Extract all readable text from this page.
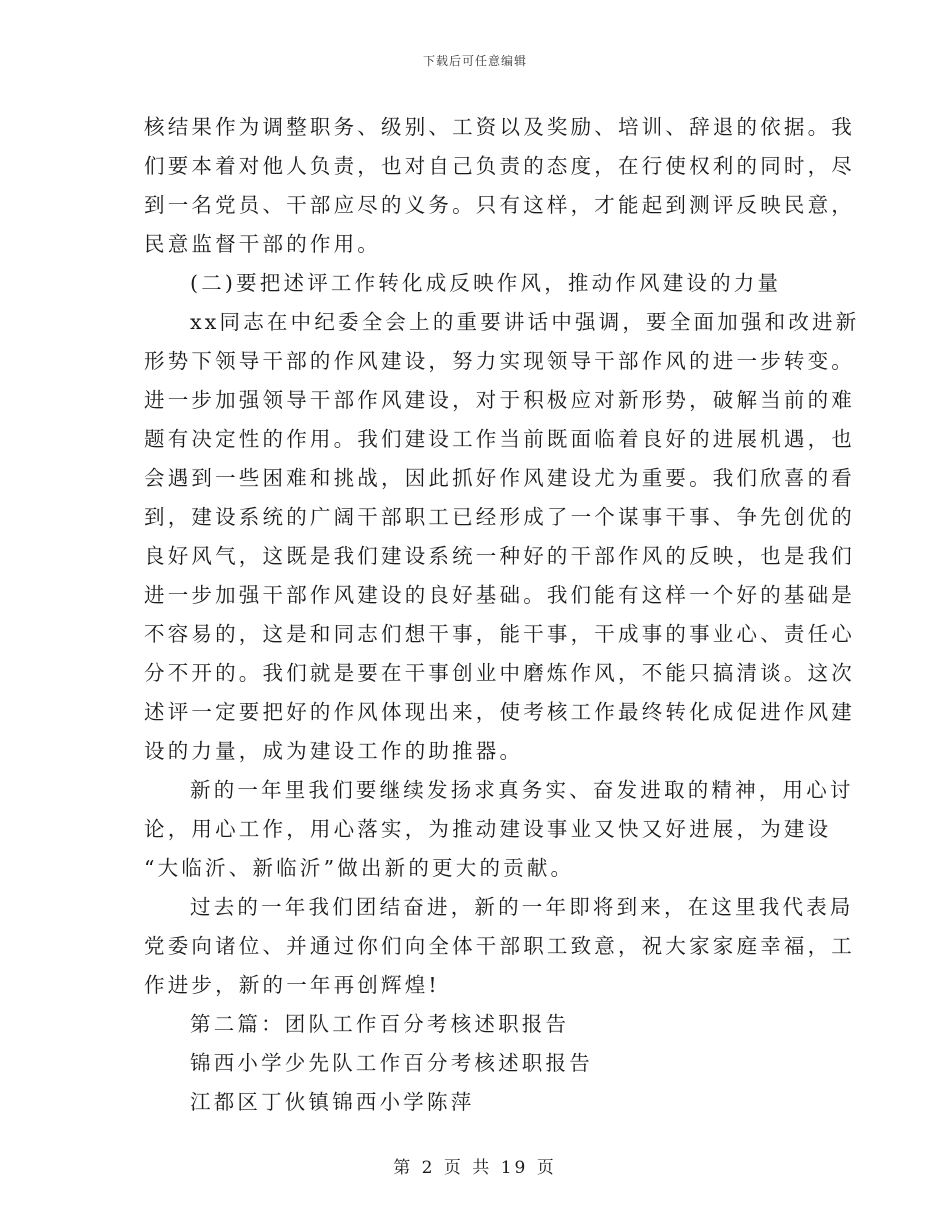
下载后可任意编辑
核结果作为调整职务、级别、工资以及奖励、培训、辞退的依据。我
们要本着对他人负责，也对自己负责的态度，在行使权利的同时，尽
到一名党员、干部应尽的义务。只有这样，才能起到测评反映民意，
民意监督干部的作用。
(二)要把述评工作转化成反映作风，推动作风建设的力量
xx同志在中纪委全会上的重要讲话中强调，要全面加强和改进新
形势下领导干部的作风建设，努力实现领导干部作风的进一步转变。
进一步加强领导干部作风建设，对于积极应对新形势，破解当前的难
题有决定性的作用。我们建设工作当前既面临着良好的进展机遇，也
会遇到一些困难和挑战，因此抓好作风建设尤为重要。我们欣喜的看
到，建设系统的广阔干部职工已经形成了一个谋事干事、争先创优的
良好风气，这既是我们建设系统一种好的干部作风的反映，也是我们
进一步加强干部作风建设的良好基础。我们能有这样一个好的基础是
不容易的，这是和同志们想干事，能干事，干成事的事业心、责任心
分不开的。我们就是要在干事创业中磨炼作风，不能只搞清谈。这次
述评一定要把好的作风体现出来，使考核工作最终转化成促进作风建
设的力量，成为建设工作的助推器。
新的一年里我们要继续发扬求真务实、奋发进取的精神，用心讨
论，用心工作，用心落实，为推动建设事业又快又好进展，为建设
“大临沂、新临沂”做出新的更大的贡献。
过去的一年我们团结奋进，新的一年即将到来，在这里我代表局
党委向诸位、并通过你们向全体干部职工致意，祝大家家庭幸福，工
作进步，新的一年再创辉煌!
第二篇：团队工作百分考核述职报告
锦西小学少先队工作百分考核述职报告
江都区丁伙镇锦西小学陈萍
第 2 页 共 19 页
